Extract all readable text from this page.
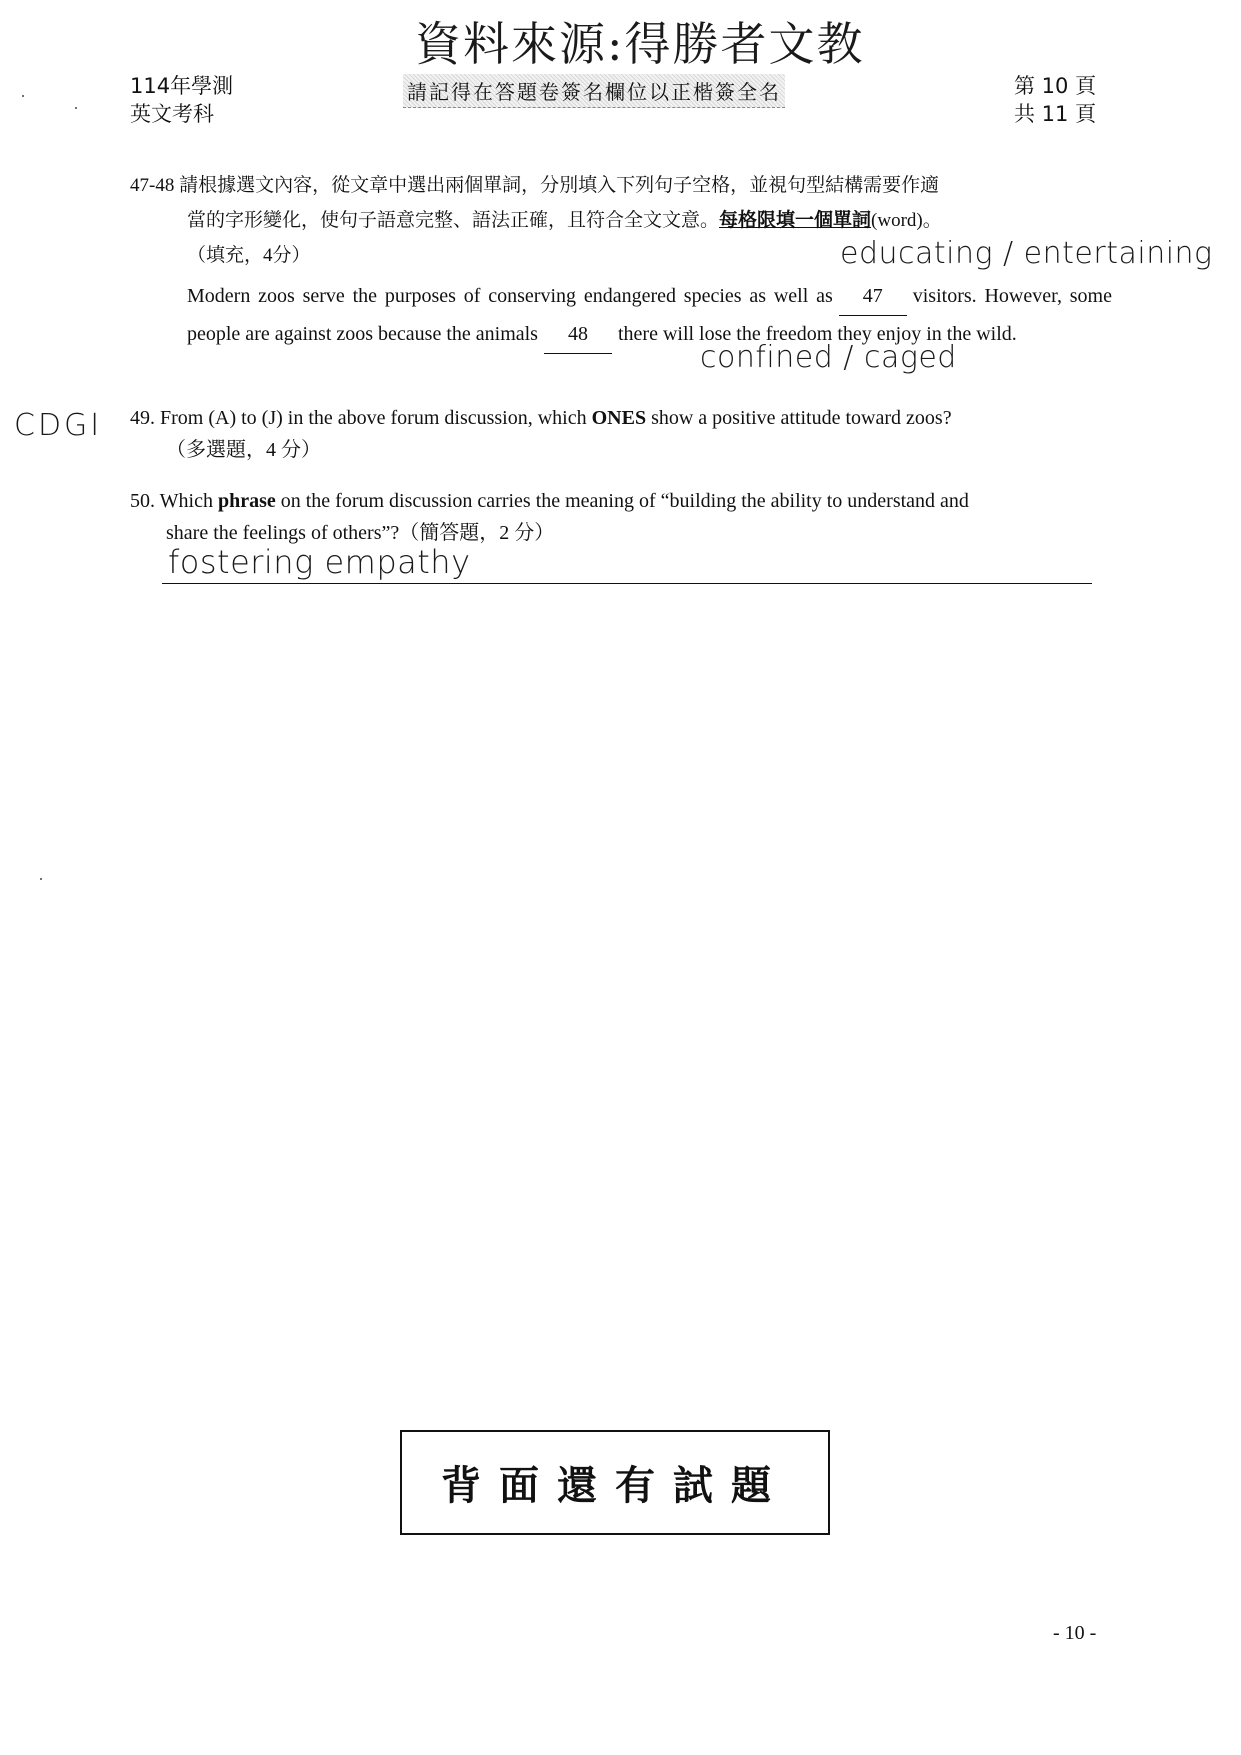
資料來源:得勝者文教
114年學測
英文考科
請記得在答題卷簽名欄位以正楷簽全名	第 10 頁
共 11 頁
47-48 請根據選文內容，從文章中選出兩個單詞，分別填入下列句子空格，並視句型結構需要作適
當的字形變化，使句子語意完整、語法正確，且符合全文文意。每格限填一個單詞(word)。
（填充，4分）	educating / entertaining
Modern zoos serve the purposes of conserving endangered species as well as 47 visitors. However, some people are against zoos because the animals 48 there will lose the freedom they enjoy in the wild.
confined / caged
CDGI 49. From (A) to (J) in the above forum discussion, which ONES show a positive attitude toward zoos?
（多選題，4 分）
50. Which phrase on the forum discussion carries the meaning of “building the ability to understand and
share the feelings of others”?（簡答題，2 分）
fostering empathy
背面還有試題
- 10 -
